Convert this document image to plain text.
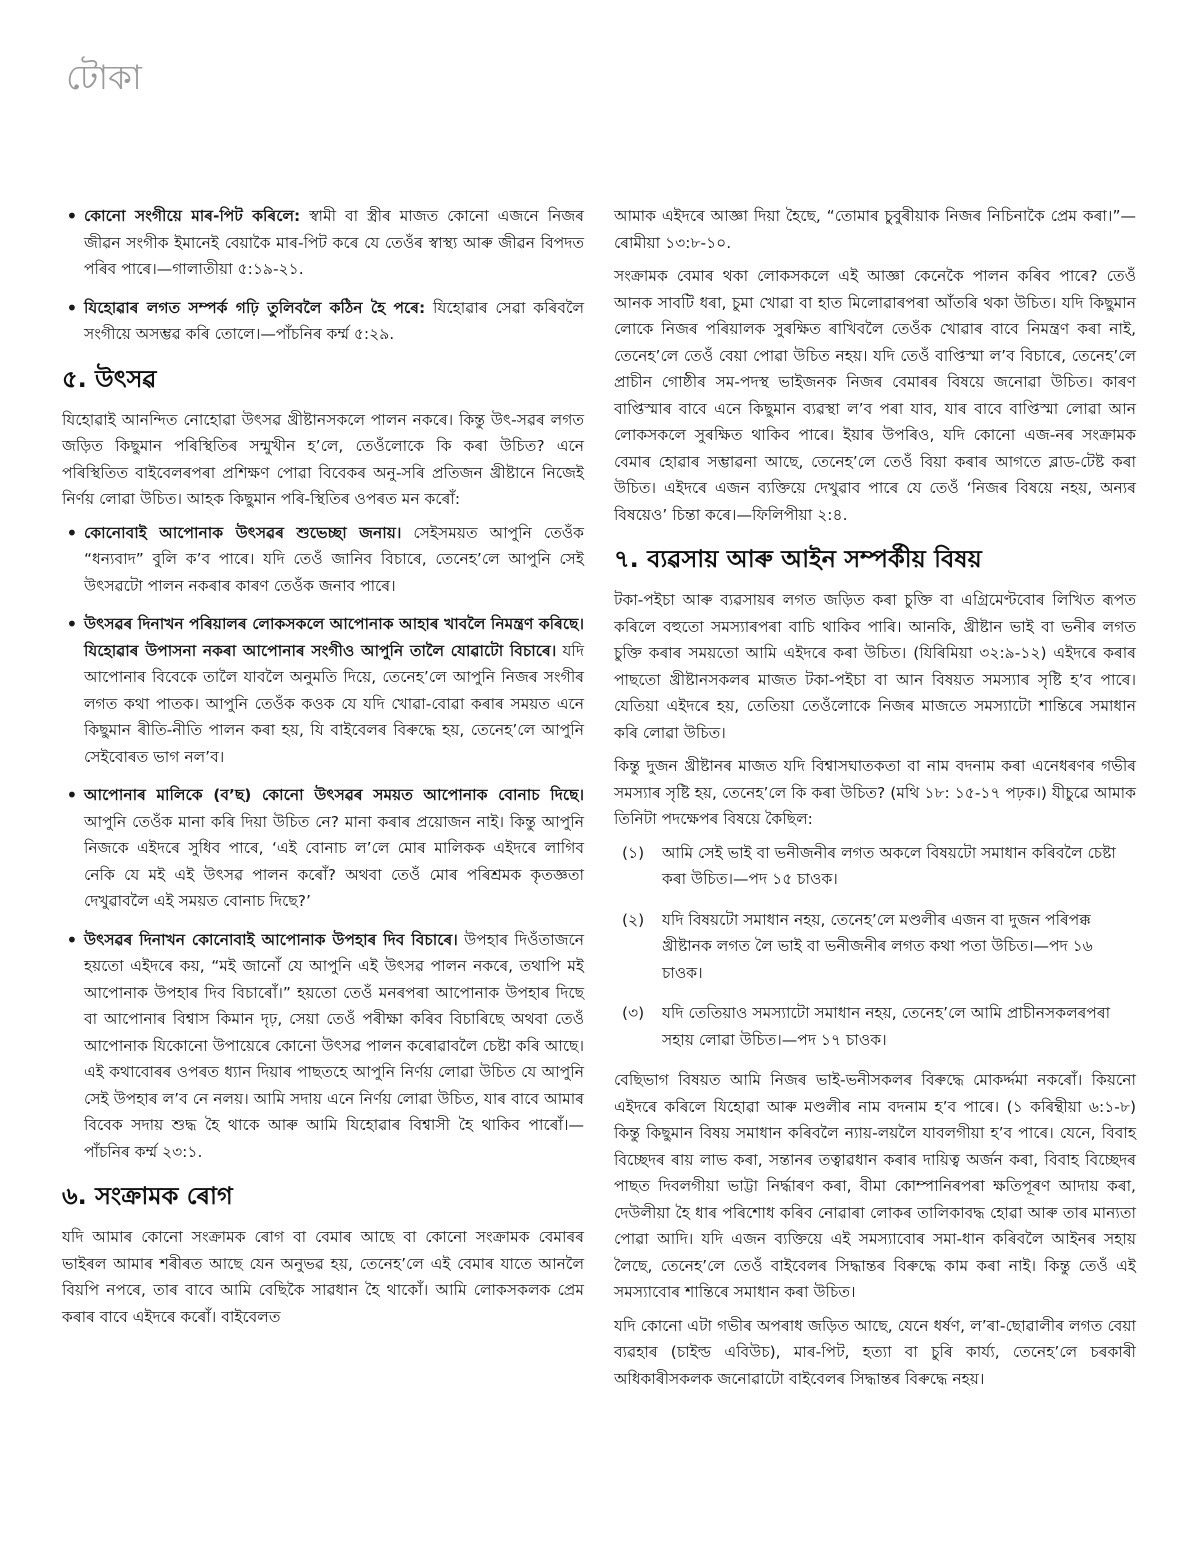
টোকা
• কোনো সংগীয়ে মাৰ-পিট কৰিলে: স্বামী বা স্ত্ৰীৰ মাজত কোনো এজনে নিজৰ জীৱন সংগীক ইমানেই বেয়াকৈ মাৰ-পিট কৰে যে তেওঁৰ স্বাস্থ্য আৰু জীৱন বিপদত পৰিব পাৰে।—গালাতীয়া ৫:১৯-২১.
• যিহোৱাৰ লগত সম্পৰ্ক গঢ়ি তুলিবলৈ কঠিন হৈ পৰে: যিহোৱাৰ সেৱা কৰিবলৈ সংগীয়ে অসম্ভৱ কৰি তোলে।—পাঁচনিৰ কৰ্ম্ম ৫:২৯.
৫. উৎসৱ

যিহোৱাই আনন্দিত নোহোৱা উৎসৱ খ্ৰীষ্টানসকলে পালন নকৰে। কিন্তু উৎ-সৱৰ লগত জড়িত কিছুমান পৰিস্থিতিৰ সন্মুখীন হ’লে, তেওঁলোকে কি কৰা উচিত? এনে পৰিস্থিতিত বাইবেলৰপৰা প্ৰশিক্ষণ পোৱা বিবেকৰ অনু-সৰি প্ৰতিজন খ্ৰীষ্টানে নিজেই নিৰ্ণয় লোৱা উচিত। আহক কিছুমান পৰি-স্থিতিৰ ওপৰত মন কৰোঁ:

• কোনোবাই আপোনাক উৎসৱৰ শুভেচ্ছা জনায়। সেইসময়ত আপুনি তেওঁক “ধন্যবাদ” বুলি ক’ব পাৰে। যদি তেওঁ জানিব বিচাৰে, তেনেহ’লে আপুনি সেই উৎসৱটো পালন নকৰাৰ কাৰণ তেওঁক জনাব পাৰে।
• উৎসৱৰ দিনাখন পৰিয়ালৰ লোকসকলে আপোনাক আহাৰ খাবলৈ নিমন্ত্ৰণ কৰিছে। যিহোৱাৰ উপাসনা নকৰা আপোনাৰ সংগীও আপুনি তালৈ যোৱাটো বিচাৰে। যদি আপোনাৰ বিবেকে তালৈ যাবলৈ অনুমতি দিয়ে, তেনেহ’লে আপুনি নিজৰ সংগীৰ লগত কথা পাতক। আপুনি তেওঁক কওক যে যদি খোৱা-বোৱা কৰাৰ সময়ত এনে কিছুমান ৰীতি-নীতি পালন কৰা হয়, যি বাইবেলৰ বিৰুদ্ধে হয়, তেনেহ’লে আপুনি সেইবোৰত ভাগ নল’ব।
• আপোনাৰ মালিকে (ব’ছ) কোনো উৎসৱৰ সময়ত আপোনাক বোনাচ দিছে। আপুনি তেওঁক মানা কৰি দিয়া উচিত নে? মানা কৰাৰ প্ৰয়োজন নাই। কিন্তু আপুনি নিজকে এইদৰে সুধিব পাৰে, ‘এই বোনাচ ল’লে মোৰ মালিকক এইদৰে লাগিব নেকি যে মই এই উৎসৱ পালন কৰোঁ? অথবা তেওঁ মোৰ পৰিশ্ৰমক কৃতজ্ঞতা দেখুৱাবলৈ এই সময়ত বোনাচ দিছে?’
• উৎসৱৰ দিনাখন কোনোবাই আপোনাক উপহাৰ দিব বিচাৰে। উপহাৰ দিওঁতাজনে হয়তো এইদৰে কয়, “মই জানোঁ যে আপুনি এই উৎসৱ পালন নকৰে, তথাপি মই আপোনাক উপহাৰ দিব বিচাৰোঁ।” হয়তো তেওঁ মনৰপৰা আপোনাক উপহাৰ দিছে বা আপোনাৰ বিশ্বাস কিমান দৃঢ়, সেয়া তেওঁ পৰীক্ষা কৰিব বিচাৰিছে অথবা তেওঁ আপোনাক যিকোনো উপায়েৰে কোনো উৎসৱ পালন কৰোৱাবলৈ চেষ্টা কৰি আছে। এই কথাবোৰৰ ওপৰত ধ্যান দিয়াৰ পাছতহে আপুনি নিৰ্ণয় লোৱা উচিত যে আপুনি সেই উপহাৰ ল’ব নে নলয়। আমি সদায় এনে নিৰ্ণয় লোৱা উচিত, যাৰ বাবে আমাৰ বিবেক সদায় শুদ্ধ হৈ থাকে আৰু আমি যিহোৱাৰ বিশ্বাসী হৈ থাকিব পাৰোঁ।—পাঁচনিৰ কৰ্ম্ম ২৩:১.
৬. সংক্ৰামক ৰোগ

যদি আমাৰ কোনো সংক্ৰামক ৰোগ বা বেমাৰ আছে বা কোনো সংক্ৰামক বেমাৰৰ ভাইৰল আমাৰ শৰীৰত আছে যেন অনুভৱ হয়, তেনেহ’লে এই বেমাৰ যাতে আনলৈ বিয়পি নপৰে, তাৰ বাবে আমি বেছিকৈ সাৱধান হৈ থাকোঁ। আমি লোকসকলক প্ৰেম কৰাৰ বাবে এইদৰে কৰোঁ। বাইবেলত

আমাক এইদৰে আজ্ঞা দিয়া হৈছে, “তোমাৰ চুবুৰীয়াক নিজৰ নিচিনাকৈ প্ৰেম কৰা।”—ৰোমীয়া ১৩:৮-১০.

সংক্ৰামক বেমাৰ থকা লোকসকলে এই আজ্ঞা কেনেকৈ পালন কৰিব পাৰে? তেওঁ আনক সাবটি ধৰা, চুমা খোৱা বা হাত মিলোৱাৰপৰা আঁতৰি থকা উচিত। যদি কিছুমান লোকে নিজৰ পৰিয়ালক সুৰক্ষিত ৰাখিবলৈ তেওঁক খোৱাৰ বাবে নিমন্ত্ৰণ কৰা নাই, তেনেহ’লে তেওঁ বেয়া পোৱা উচিত নহয়। যদি তেওঁ বাপ্তিস্মা ল’ব বিচাৰে, তেনেহ’লে প্ৰাচীন গোষ্ঠীৰ সম-পদস্থ ভাইজনক নিজৰ বেমাৰৰ বিষয়ে জনোৱা উচিত। কাৰণ বাপ্তিস্মাৰ বাবে এনে কিছুমান ব্যৱস্থা ল’ব পৰা যাব, যাৰ বাবে বাপ্তিস্মা লোৱা আন লোকসকলে সুৰক্ষিত থাকিব পাৰে। ইয়াৰ উপৰিও, যদি কোনো এজ-নৰ সংক্ৰামক বেমাৰ হোৱাৰ সম্ভাৱনা আছে, তেনেহ’লে তেওঁ বিয়া কৰাৰ আগতে ব্লাড-টেষ্ট কৰা উচিত। এইদৰে এজন ব্যক্তিয়ে দেখুৱাব পাৰে যে তেওঁ ‘নিজৰ বিষয়ে নহয়, অন্যৰ বিষয়েও’ চিন্তা কৰে।—ফিলিপীয়া ২:৪.

৭. ব্যৱসায় আৰু আইন সম্পৰ্কীয় বিষয়

টকা-পইচা আৰু ব্যৱসায়ৰ লগত জড়িত কৰা চুক্তি বা এগ্ৰিমেণ্টবোৰ লিখিত ৰূপত কৰিলে বহুতো সমস্যাৰপৰা বাচি থাকিব পাৰি। আনকি, খ্ৰীষ্টান ভাই বা ভনীৰ লগত চুক্তি কৰাৰ সময়তো আমি এইদৰে কৰা উচিত। (যিৰিমিয়া ৩২:৯-১২) এইদৰে কৰাৰ পাছতো খ্ৰীষ্টানসকলৰ মাজত টকা-পইচা বা আন বিষয়ত সমস্যাৰ সৃষ্টি হ’ব পাৰে। যেতিয়া এইদৰে হয়, তেতিয়া তেওঁলোকে নিজৰ মাজতে সমস্যাটো শান্তিৰে সমাধান কৰি লোৱা উচিত।

কিন্তু দুজন খ্ৰীষ্টানৰ মাজত যদি বিশ্বাসঘাতকতা বা নাম বদনাম কৰা এনেধৰণৰ গভীৰ সমস্যাৰ সৃষ্টি হয়, তেনেহ’লে কি কৰা উচিত? (মথি ১৮: ১৫-১৭ পঢ়ক।) যীচুৱে আমাক তিনিটা পদক্ষেপৰ বিষয়ে কৈছিল:

(১) আমি সেই ভাই বা ভনীজনীৰ লগত অকলে বিষয়টো সমাধান কৰিবলৈ চেষ্টা কৰা উচিত।—পদ ১৫ চাওক।
(২) যদি বিষয়টো সমাধান নহয়, তেনেহ’লে মণ্ডলীৰ এজন বা দুজন পৰিপক্ক খ্ৰীষ্টানক লগত লৈ ভাই বা ভনীজনীৰ লগত কথা পতা উচিত।—পদ ১৬ চাওক।
(৩) যদি তেতিয়াও সমস্যাটো সমাধান নহয়, তেনেহ’লে আমি প্ৰাচীনসকলৰপৰা সহায় লোৱা উচিত।—পদ ১৭ চাওক।

বেছিভাগ বিষয়ত আমি নিজৰ ভাই-ভনীসকলৰ বিৰুদ্ধে মোকৰ্দ্দমা নকৰোঁ। কিয়নো এইদৰে কৰিলে যিহোৱা আৰু মণ্ডলীৰ নাম বদনাম হ’ব পাৰে। (১ কৰিন্থীয়া ৬:১-৮) কিন্তু কিছুমান বিষয় সমাধান কৰিবলৈ ন্যায়-লয়লৈ যাবলগীয়া হ’ব পাৰে। যেনে, বিবাহ বিচ্ছেদৰ ৰায় লাভ কৰা, সন্তানৰ তত্বাৱধান কৰাৰ দায়িত্ব অৰ্জন কৰা, বিবাহ বিচ্ছেদৰ পাছত দিবলগীয়া ভাট্টা নিৰ্দ্ধাৰণ কৰা, বীমা কোম্পানিৰপৰা ক্ষতিপূৰণ আদায় কৰা, দেউলীয়া হৈ ধাৰ পৰিশোধ কৰিব নোৱাৰা লোকৰ তালিকাবদ্ধ হোৱা আৰু তাৰ মান্যতা পোৱা আদি। যদি এজন ব্যক্তিয়ে এই সমস্যাবোৰ সমা-ধান কৰিবলৈ আইনৰ সহায় লৈছে, তেনেহ’লে তেওঁ বাইবেলৰ সিদ্ধান্তৰ বিৰুদ্ধে কাম কৰা নাই। কিন্তু তেওঁ এই সমস্যাবোৰ শান্তিৰে সমাধান কৰা উচিত।

যদি কোনো এটা গভীৰ অপৰাধ জড়িত আছে, যেনে ধৰ্ষণ, ল’ৰা-ছোৱালীৰ লগত বেয়া ব্যৱহাৰ (চাইল্ড এবিউচ), মাৰ-পিট, হত্যা বা চুৰি কাৰ্য্য, তেনেহ’লে চৰকাৰী অধিকাৰীসকলক জনোৱাটো বাইবেলৰ সিদ্ধান্তৰ বিৰুদ্ধে নহয়।
